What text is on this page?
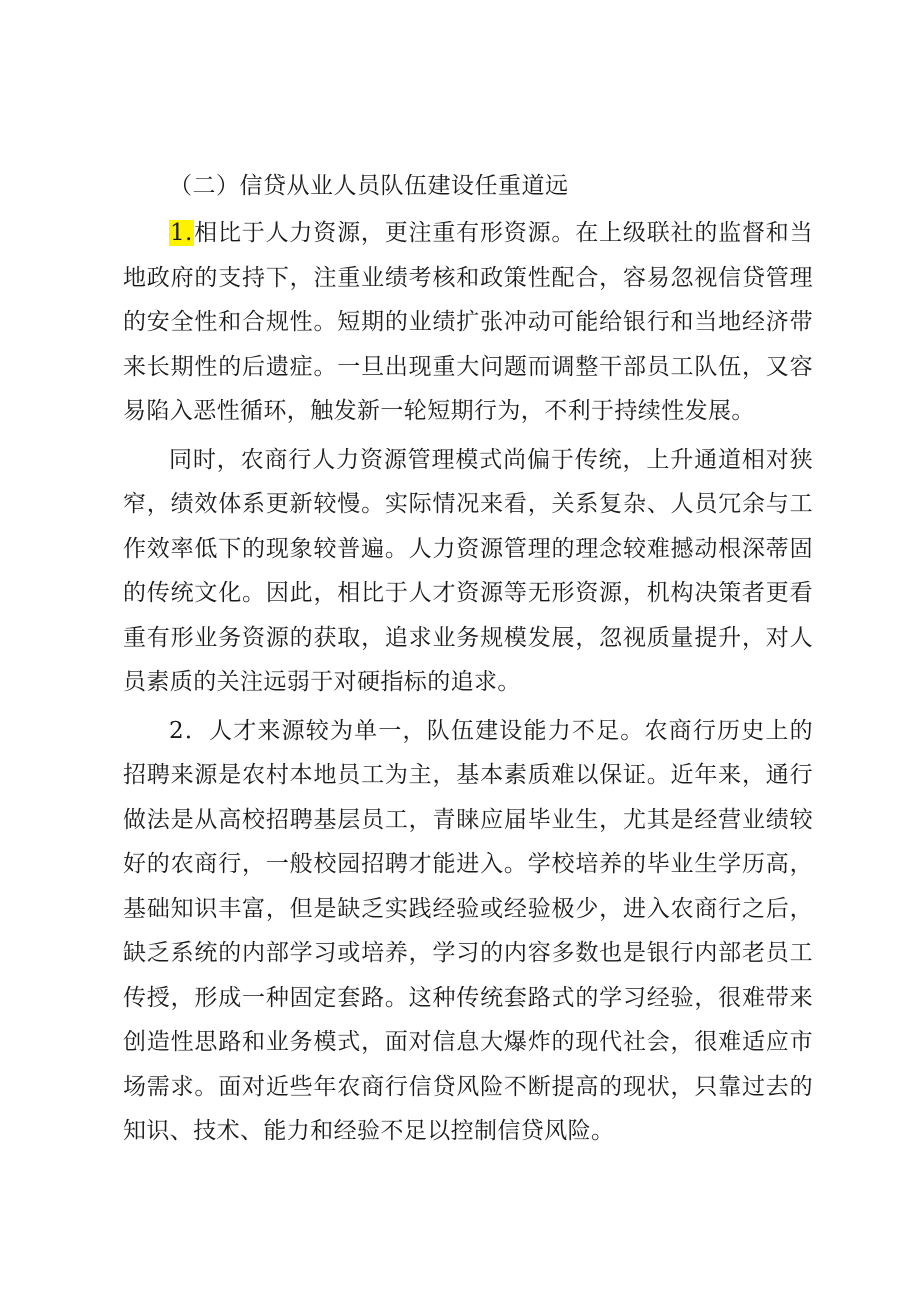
（二）信贷从业人员队伍建设任重道远

1.相比于人力资源，更注重有形资源。在上级联社的监督和当地政府的支持下，注重业绩考核和政策性配合，容易忽视信贷管理的安全性和合规性。短期的业绩扩张冲动可能给银行和当地经济带来长期性的后遗症。一旦出现重大问题而调整干部员工队伍，又容易陷入恶性循环，触发新一轮短期行为，不利于持续性发展。

同时，农商行人力资源管理模式尚偏于传统，上升通道相对狭窄，绩效体系更新较慢。实际情况来看，关系复杂、人员冗余与工作效率低下的现象较普遍。人力资源管理的理念较难撼动根深蒂固的传统文化。因此，相比于人才资源等无形资源，机构决策者更看重有形业务资源的获取，追求业务规模发展，忽视质量提升，对人员素质的关注远弱于对硬指标的追求。

2．人才来源较为单一，队伍建设能力不足。农商行历史上的招聘来源是农村本地员工为主，基本素质难以保证。近年来，通行做法是从高校招聘基层员工，青睐应届毕业生，尤其是经营业绩较好的农商行，一般校园招聘才能进入。学校培养的毕业生学历高，基础知识丰富，但是缺乏实践经验或经验极少，进入农商行之后，缺乏系统的内部学习或培养，学习的内容多数也是银行内部老员工传授，形成一种固定套路。这种传统套路式的学习经验，很难带来创造性思路和业务模式，面对信息大爆炸的现代社会，很难适应市场需求。面对近些年农商行信贷风险不断提高的现状，只靠过去的知识、技术、能力和经验不足以控制信贷风险。
